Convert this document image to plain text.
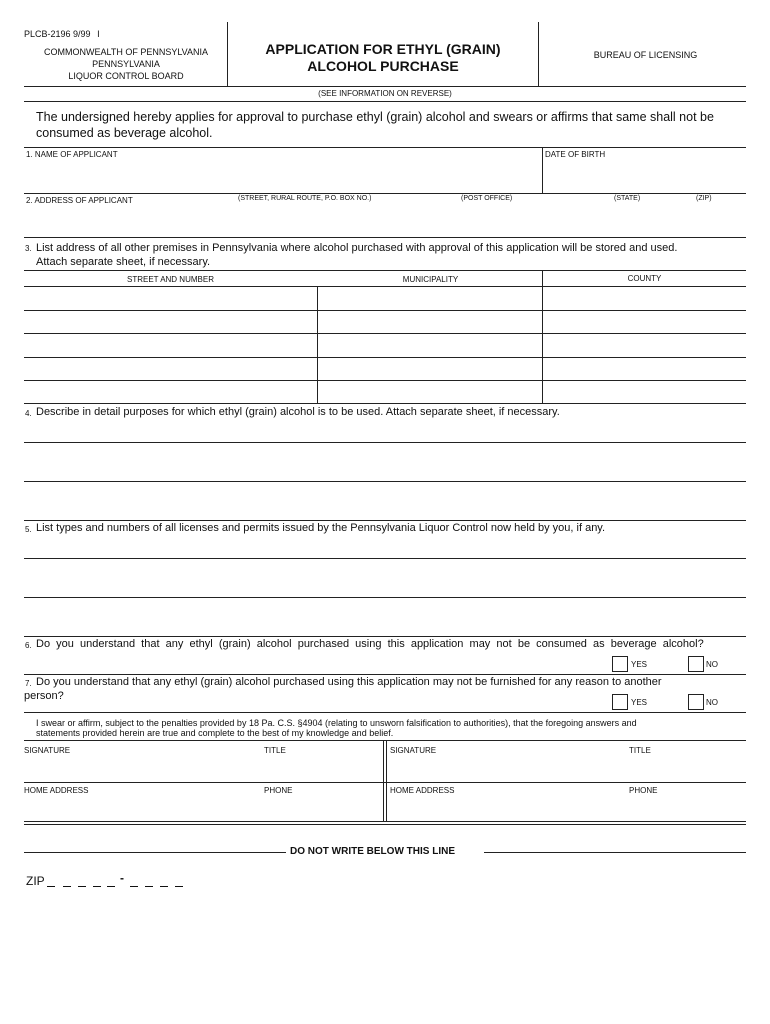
PLCB-2196 9/99 I
COMMONWEALTH OF PENNSYLVANIA
PENNSYLVANIA
LIQUOR CONTROL BOARD
APPLICATION FOR ETHYL (GRAIN)
ALCOHOL PURCHASE
BUREAU OF LICENSING
(SEE INFORMATION ON REVERSE)
The undersigned hereby applies for approval to purchase ethyl (grain) alcohol and swears or affirms that same shall not be
consumed as beverage alcohol.
1. NAME OF APPLICANT	DATE OF BIRTH
2. ADDRESS OF APPLICANT	(STREET, RURAL ROUTE, P.O. BOX NO.)	(POST OFFICE)	(STATE)	(ZIP)
3. List address of all other premises in Pennsylvania where alcohol purchased with approval of this application will be stored and used.
Attach separate sheet, if necessary.
STREET AND NUMBER	MUNICIPALITY	COUNTY
4. Describe in detail purposes for which ethyl (grain) alcohol is to be used. Attach separate sheet, if necessary.
5. List types and numbers of all licenses and permits issued by the Pennsylvania Liquor Control now held by you, if any.
6. Do  you  understand  that  any  ethyl  (grain)  alcohol  purchased  using  this  application  may  not  be  consumed  as  beverage  alcohol?
YES	NO
7. Do you understand that any ethyl (grain) alcohol purchased using this application may not be furnished for any reason to another
person?
YES	NO
I swear or affirm, subject to the penalties provided by 18 Pa. C.S. §4904 (relating to unsworn falsification to authorities), that the foregoing answers and
statements provided herein are true and complete to the best of my knowledge and belief.
SIGNATURE	TITLE	SIGNATURE	TITLE
HOME ADDRESS	PHONE	HOME ADDRESS	PHONE
DO NOT WRITE BELOW THIS LINE
ZIP	-
